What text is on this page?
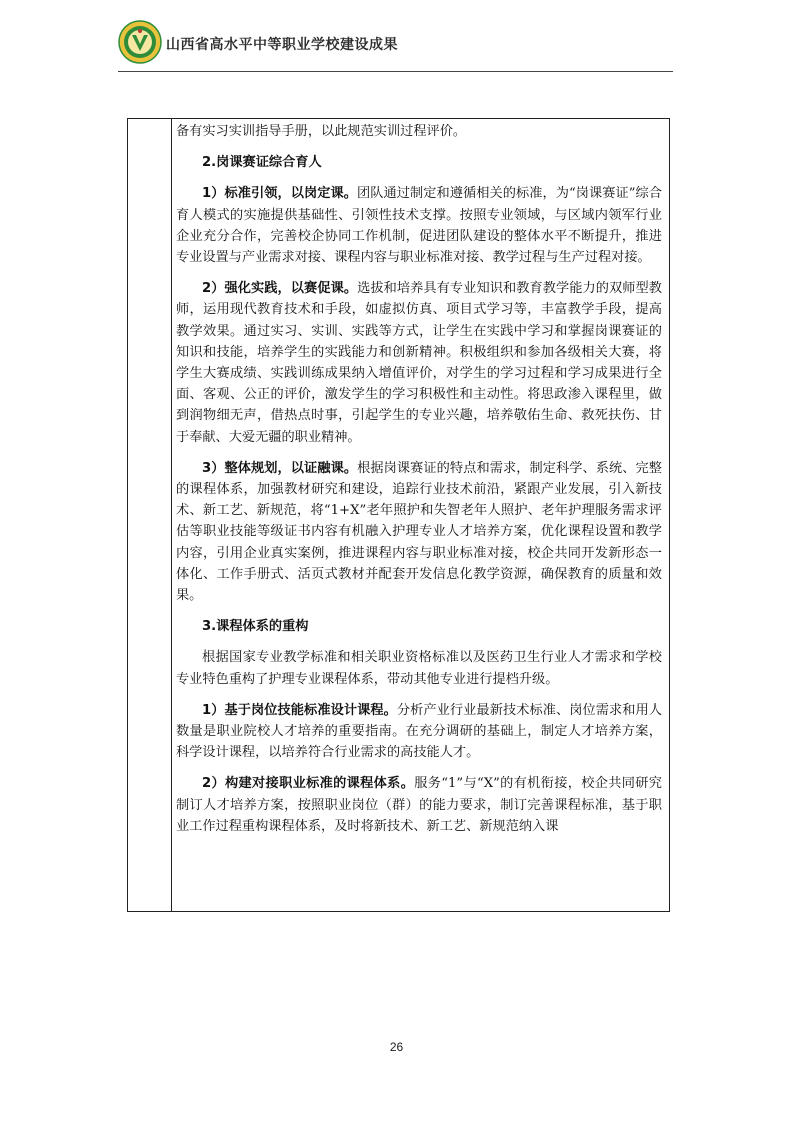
山西省高水平中等职业学校建设成果

备有实习实训指导手册，以此规范实训过程评价。

2.岗课赛证综合育人

1）标准引领，以岗定课。团队通过制定和遵循相关的标准，为“岗课赛证”综合育人模式的实施提供基础性、引领性技术支撑。按照专业领域，与区域内领军行业企业充分合作，完善校企协同工作机制，促进团队建设的整体水平不断提升，推进专业设置与产业需求对接、课程内容与职业标准对接、教学过程与生产过程对接。

2）强化实践，以赛促课。选拔和培养具有专业知识和教育教学能力的双师型教师，运用现代教育技术和手段，如虚拟仿真、项目式学习等，丰富教学手段，提高教学效果。通过实习、实训、实践等方式，让学生在实践中学习和掌握岗课赛证的知识和技能，培养学生的实践能力和创新精神。积极组织和参加各级相关大赛，将学生大赛成绩、实践训练成果纳入增值评价，对学生的学习过程和学习成果进行全面、客观、公正的评价，激发学生的学习积极性和主动性。将思政渗入课程里，做到润物细无声，借热点时事，引起学生的专业兴趣，培养敬佑生命、救死扶伤、甘于奉献、大爱无疆的职业精神。

3）整体规划，以证融课。根据岗课赛证的特点和需求，制定科学、系统、完整的课程体系，加强教材研究和建设，追踪行业技术前沿，紧跟产业发展，引入新技术、新工艺、新规范，将“1+X”老年照护和失智老年人照护、老年护理服务需求评估等职业技能等级证书内容有机融入护理专业人才培养方案，优化课程设置和教学内容，引用企业真实案例，推进课程内容与职业标准对接，校企共同开发新形态一体化、工作手册式、活页式教材并配套开发信息化教学资源，确保教育的质量和效果。

3.课程体系的重构

根据国家专业教学标准和相关职业资格标准以及医药卫生行业人才需求和学校专业特色重构了护理专业课程体系，带动其他专业进行提档升级。

1）基于岗位技能标准设计课程。分析产业行业最新技术标准、岗位需求和用人数量是职业院校人才培养的重要指南。在充分调研的基础上，制定人才培养方案，科学设计课程，以培养符合行业需求的高技能人才。

2）构建对接职业标准的课程体系。服务“1”与“X”的有机衔接，校企共同研究制订人才培养方案，按照职业岗位（群）的能力要求，制订完善课程标准，基于职业工作过程重构课程体系，及时将新技术、新工艺、新规范纳入课

26
